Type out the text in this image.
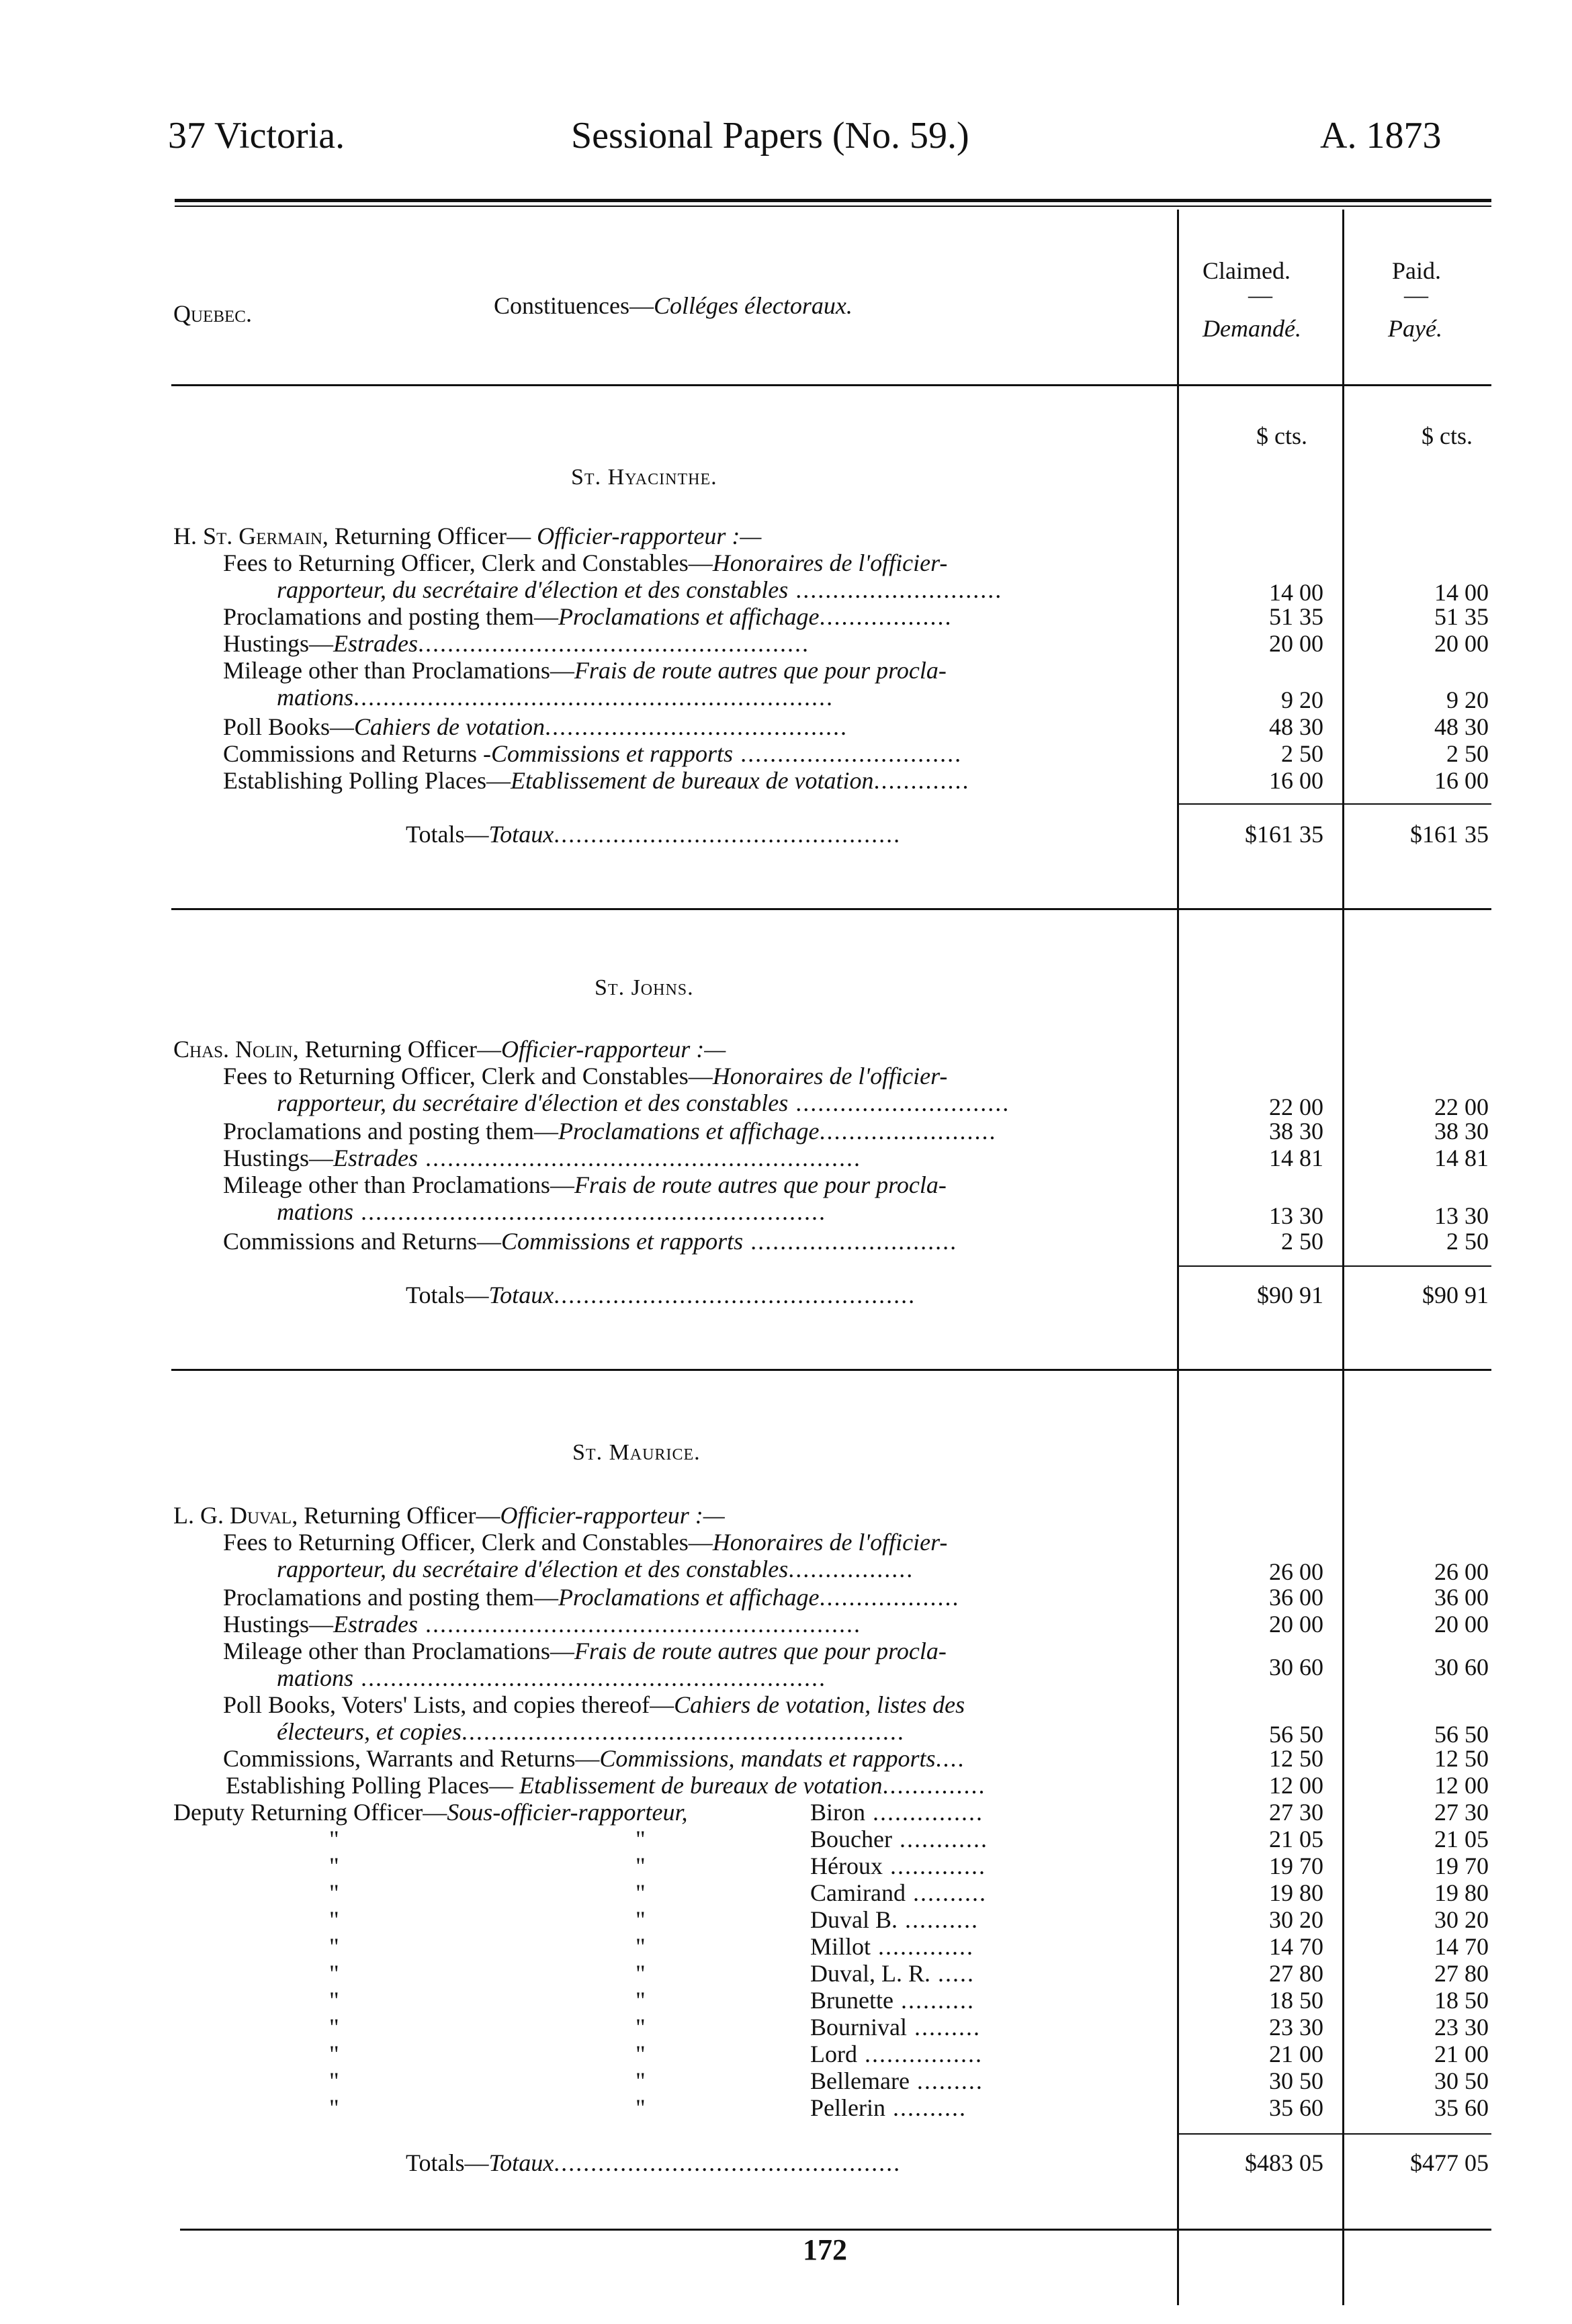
37 Victoria.	Sessional Papers (No. 59.)	A. 1873
Quebec.	Constituences—Colléges électoraux.
Claimed.
—
Demandé.
Paid.
—
Payé.
$ cts.	$ cts.
St. Hyacinthe.
H. St. Germain, Returning Officer— Officier-rapporteur :—
Fees to Returning Officer, Clerk and Constables—Honoraires de l'officier-
rapporteur, du secrétaire d'élection et des constables ............................	14 00	14 00
Proclamations and posting them—Proclamations et affichage..................	51 35	51 35
Hustings—Estrades.....................................................	20 00	20 00
Mileage other than Proclamations—Frais de route autres que pour procla-
mations.................................................................	9 20	9 20
Poll Books—Cahiers de votation.........................................	48 30	48 30
Commissions and Returns -Commissions et rapports ..............................	2 50	2 50
Establishing Polling Places—Etablissement de bureaux de votation.............	16 00	16 00
Totals—Totaux...............................................	$161 35	$161 35
St. Johns.
Chas. Nolin, Returning Officer—Officier-rapporteur :—
Fees to Returning Officer, Clerk and Constables—Honoraires de l'officier-
rapporteur, du secrétaire d'élection et des constables .............................	22 00	22 00
Proclamations and posting them—Proclamations et affichage........................	38 30	38 30
Hustings—Estrades ...........................................................	14 81	14 81
Mileage other than Proclamations—Frais de route autres que pour procla-
mations ...............................................................	13 30	13 30
Commissions and Returns—Commissions et rapports ............................	2 50	2 50
Totals—Totaux.................................................	$90 91	$90 91
St. Maurice.
L. G. Duval, Returning Officer—Officier-rapporteur :—
Fees to Returning Officer, Clerk and Constables—Honoraires de l'officier-
rapporteur, du secrétaire d'élection et des constables.................	26 00	26 00
Proclamations and posting them—Proclamations et affichage...................	36 00	36 00
Hustings—Estrades ...........................................................	20 00	20 00
Mileage other than Proclamations—Frais de route autres que pour procla-
mations ...............................................................	30 60	30 60
Poll Books, Voters' Lists, and copies thereof—Cahiers de votation, listes des
électeurs, et copies............................................................	56 50	56 50
Commissions, Warrants and Returns—Commissions, mandats et rapports....	12 50	12 50
Establishing Polling Places— Etablissement de bureaux de votation..............	12 00	12 00
Deputy Returning Officer—Sous-officier-rapporteur,	Biron ...............	27 30	27 30
"	"	Boucher ............	21 05	21 05
"	"	Héroux .............	19 70	19 70
"	"	Camirand ..........	19 80	19 80
"	"	Duval B. ..........	30 20	30 20
"	"	Millot .............	14 70	14 70
"	"	Duval, L. R. .....	27 80	27 80
"	"	Brunette ..........	18 50	18 50
"	"	Bournival .........	23 30	23 30
"	"	Lord ................	21 00	21 00
"	"	Bellemare .........	30 50	30 50
"	"	Pellerin ..........	35 60	35 60
Totals—Totaux...............................................	$483 05	$477 05
172
